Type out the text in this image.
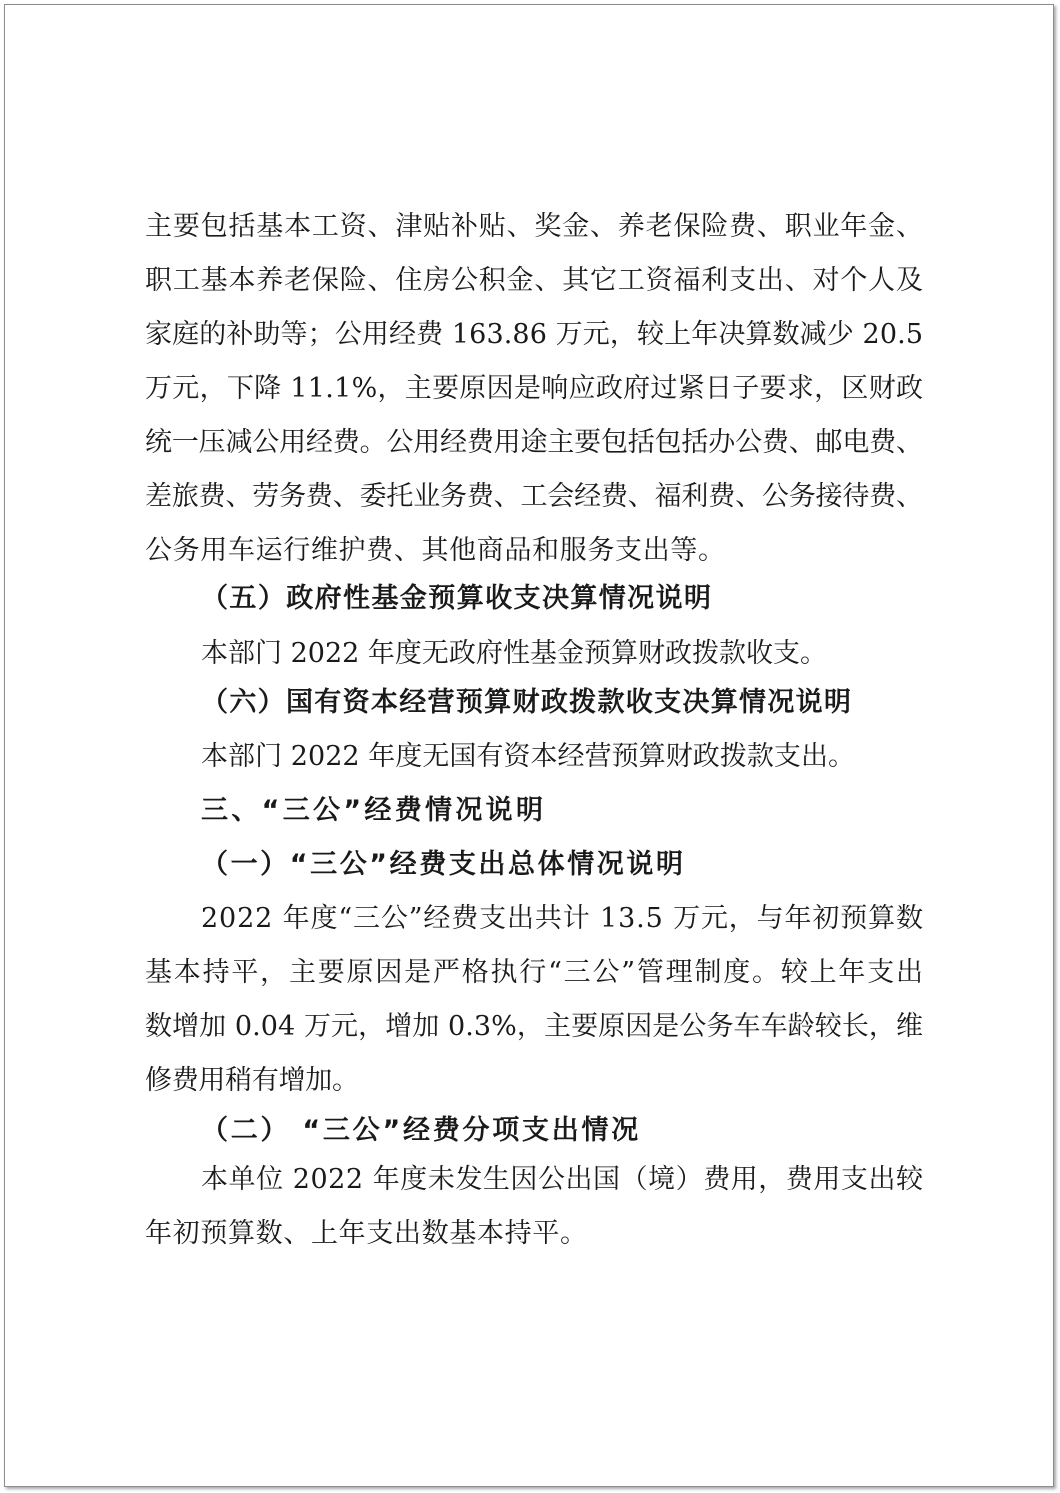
主要包括基本工资、津贴补贴、奖金、养老保险费、职业年金、
职工基本养老保险、住房公积金、其它工资福利支出、对个人及
家庭的补助等；公用经费 163.86 万元，较上年决算数减少 20.5
万元，下降 11.1%，主要原因是响应政府过紧日子要求，区财政
统一压减公用经费。公用经费用途主要包括包括办公费、邮电费、
差旅费、劳务费、委托业务费、工会经费、福利费、公务接待费、
公务用车运行维护费、其他商品和服务支出等。
（五）政府性基金预算收支决算情况说明
本部门 2022 年度无政府性基金预算财政拨款收支。
（六）国有资本经营预算财政拨款收支决算情况说明
本部门 2022 年度无国有资本经营预算财政拨款支出。
三、“三公”经费情况说明
（一）“三公”经费支出总体情况说明
2022 年度“三公”经费支出共计 13.5 万元，与年初预算数
基本持平，主要原因是严格执行“三公”管理制度。较上年支出
数增加 0.04 万元，增加 0.3%，主要原因是公务车车龄较长，维
修费用稍有增加。
（二） “三公”经费分项支出情况
本单位 2022 年度未发生因公出国（境）费用，费用支出较
年初预算数、上年支出数基本持平。
